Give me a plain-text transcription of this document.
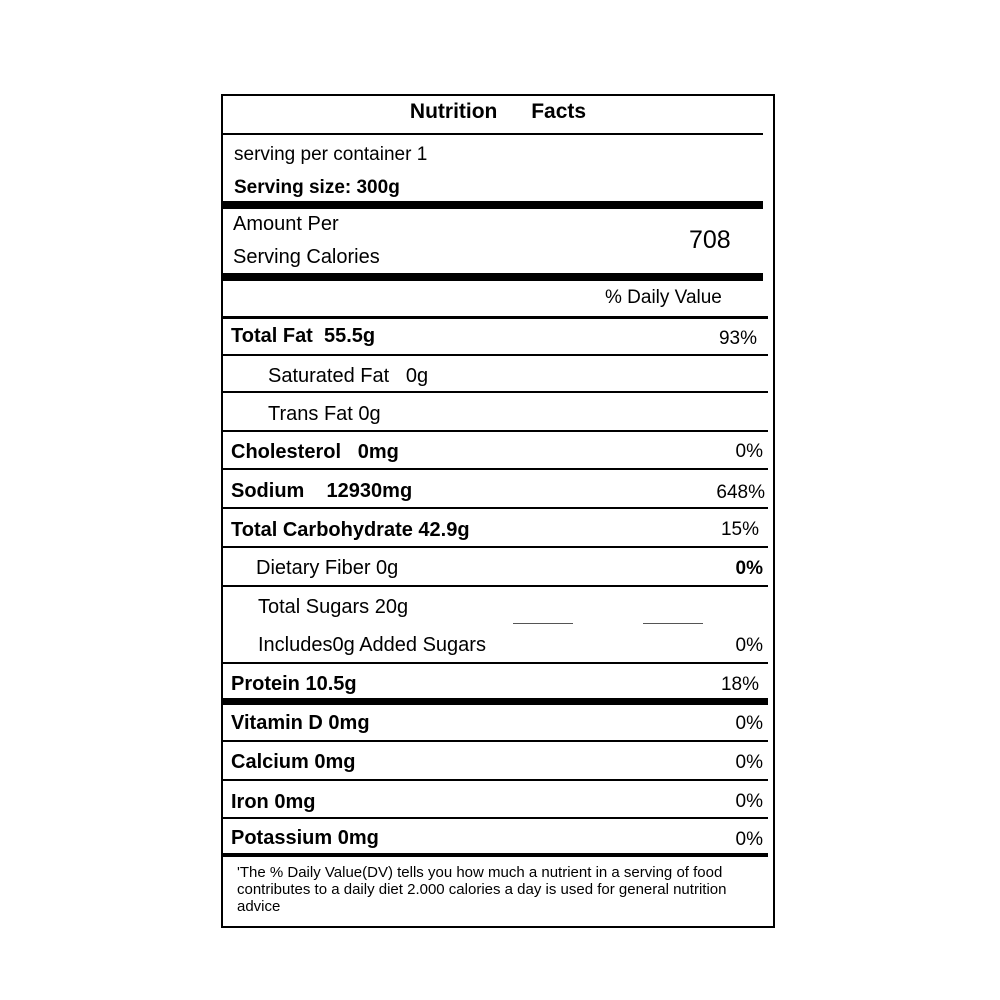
Nutrition Facts
serving per container 1
Serving size: 300g
Amount Per
Serving Calories
708
% Daily Value
Total Fat  55.5g	93%
Saturated Fat   0g
Trans Fat 0g
Cholesterol   0mg	0%
Sodium    12930mg	648%
Total Carbohydrate 42.9g	15%
Dietary Fiber 0g	0%
Total Sugars 20g
Includes0g Added Sugars	0%
Protein 10.5g	18%
Vitamin D 0mg	0%
Calcium 0mg	0%
Iron 0mg	0%
Potassium 0mg	0%
'The % Daily Value(DV) tells you how much a nutrient in a serving of food contributes to a daily diet 2.000 calories a day is used for general nutrition advice
